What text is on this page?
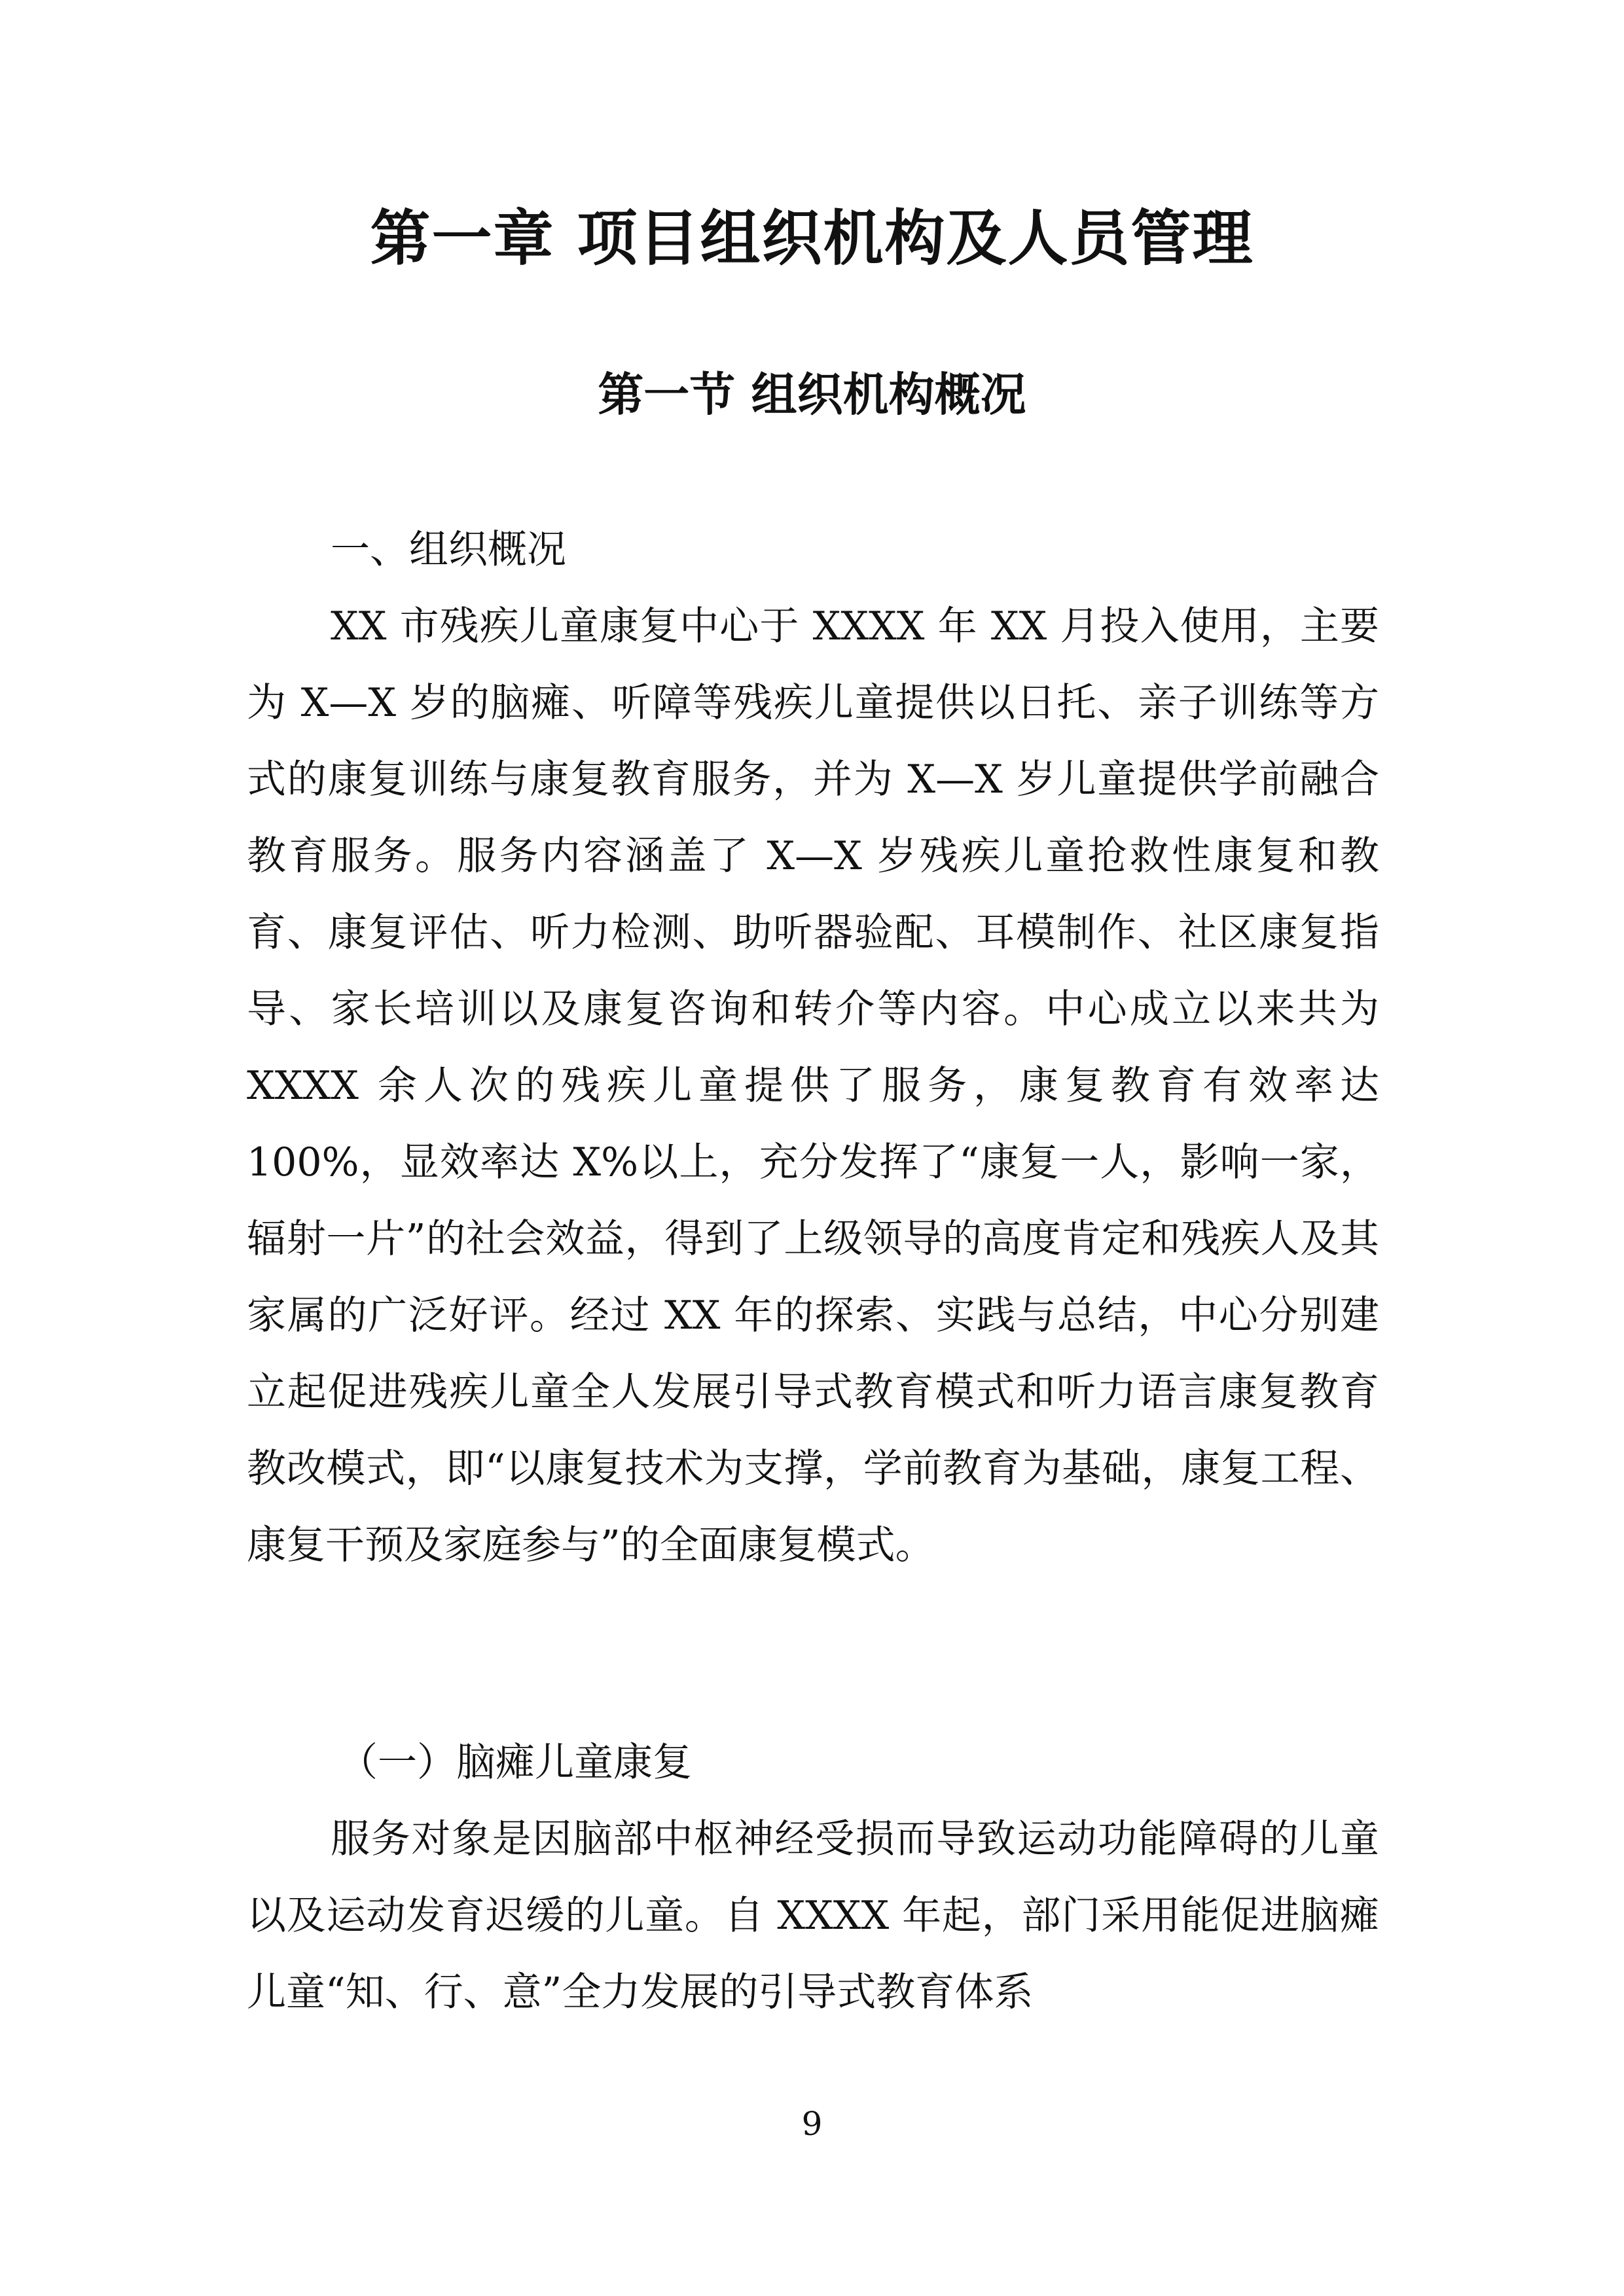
第一章 项目组织机构及人员管理
第一节 组织机构概况
一、组织概况
XX 市残疾儿童康复中心于 XXXX 年 XX 月投入使用，主要为 X—X 岁的脑瘫、听障等残疾儿童提供以日托、亲子训练等方式的康复训练与康复教育服务，并为 X—X 岁儿童提供学前融合教育服务。服务内容涵盖了 X—X 岁残疾儿童抢救性康复和教育、康复评估、听力检测、助听器验配、耳模制作、社区康复指导、家长培训以及康复咨询和转介等内容。中心成立以来共为 XXXX 余人次的残疾儿童提供了服务，康复教育有效率达 100%，显效率达 X%以上，充分发挥了“康复一人，影响一家，辐射一片”的社会效益，得到了上级领导的高度肯定和残疾人及其家属的广泛好评。经过 XX 年的探索、实践与总结，中心分别建立起促进残疾儿童全人发展引导式教育模式和听力语言康复教育教改模式，即“以康复技术为支撑，学前教育为基础，康复工程、康复干预及家庭参与”的全面康复模式。
（一）脑瘫儿童康复
服务对象是因脑部中枢神经受损而导致运动功能障碍的儿童以及运动发育迟缓的儿童。自 XXXX 年起，部门采用能促进脑瘫儿童“知、行、意”全力发展的引导式教育体系
9
